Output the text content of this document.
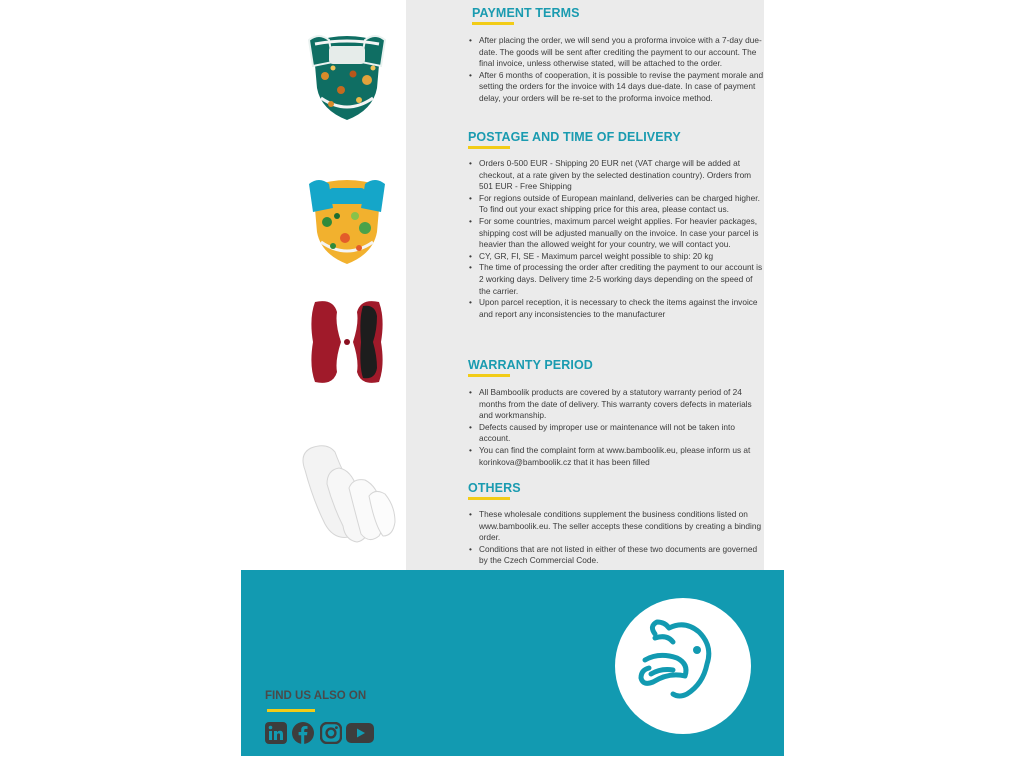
PAYMENT TERMS
• After placing the order, we will send you a proforma invoice with a 7-day due-date. The goods will be sent after crediting the payment to our account. The final invoice, unless otherwise stated, will be attached to the order.
• After 6 months of cooperation, it is possible to revise the payment morale and setting the orders for the invoice with 14 days due-date. In case of payment delay, your orders will be re-set to the proforma invoice method.
POSTAGE AND TIME OF DELIVERY
• Orders 0-500 EUR - Shipping 20 EUR net (VAT charge will be added at checkout, at a rate given by the selected destination country). Orders from 501 EUR - Free Shipping
• For regions outside of European mainland, deliveries can be charged higher. To find out your exact shipping price for this area, please contact us.
• For some countries, maximum parcel weight applies. For heavier packages, shipping cost will be adjusted manually on the invoice. In case your parcel is heavier than the allowed weight for your country, we will contact you.
• CY, GR, FI, SE - Maximum parcel weight possible to ship: 20 kg
• The time of processing the order after crediting the payment to our account is 2 working days. Delivery time 2-5 working days depending on the speed of the carrier.
• Upon parcel reception, it is necessary to check the items against the invoice and report any inconsistencies to the manufacturer
WARRANTY PERIOD
• All Bamboolik products are covered by a statutory warranty period of 24 months from the date of delivery. This warranty covers defects in materials and workmanship.
• Defects caused by improper use or maintenance will not be taken into account.
• You can find the complaint form at www.bamboolik.eu, please inform us at korinkova@bamboolik.cz that it has been filled
OTHERS
• These wholesale conditions supplement the business conditions listed on www.bamboolik.eu. The seller accepts these conditions by creating a binding order.
• Conditions that are not listed in either of these two documents are governed by the Czech Commercial Code.
FIND US ALSO ON
